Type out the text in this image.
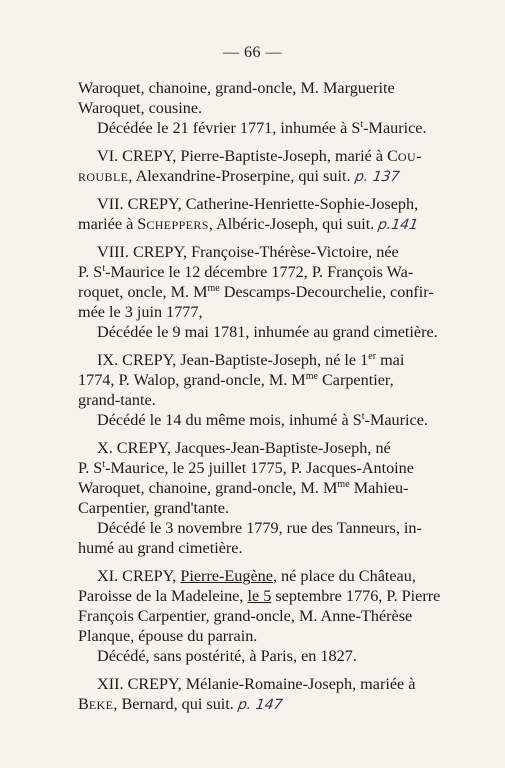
— 66 —
Waroquet, chanoine, grand-oncle, M. Marguerite
Waroquet, cousine.
Décédée le 21 février 1771, inhumée à $S^t$-Maurice.
VI. CREPY, Pierre-Baptiste-Joseph, marié à COU-
ROUBLE, Alexandrine-Proserpine, qui suit. p. 137
VII. CREPY, Catherine-Henriette-Sophie-Joseph,
mariée à SCHEPPERS, Albéric-Joseph, qui suit. p.141
VIII. CREPY, Françoise-Thérèse-Victoire, née
P. $S^t$-Maurice le 12 décembre 1772, P. François Wa-
roquet, oncle, M. $M^{me}$ Descamps-Decourchelie, confir-
mée le 3 juin 1777,
Décédée le 9 mai 1781, inhumée au grand cimetière.
IX. CREPY, Jean-Baptiste-Joseph, né le 1er mai
1774, P. Walop, grand-oncle, M. $M^{me}$ Carpentier,
grand-tante.
Décédé le 14 du même mois, inhumé à $S^t$-Maurice.
X. CREPY, Jacques-Jean-Baptiste-Joseph, né
P. $S^t$-Maurice, le 25 juillet 1775, P. Jacques-Antoine
Waroquet, chanoine, grand-oncle, M. $M^{me}$ Mahieu-
Carpentier, grand'tante.
Décédé le 3 novembre 1779, rue des Tanneurs, in-
humé au grand cimetière.
XI. CREPY, Pierre-Eugène, né place du Château,
Paroisse de la Madeleine, le 5 septembre 1776, P. Pierre
François Carpentier, grand-oncle, M. Anne-Thérèse
Planque, épouse du parrain.
Décédé, sans postérité, à Paris, en 1827.
XII. CREPY, Mélanie-Romaine-Joseph, mariée à
BEKE, Bernard, qui suit. p. 147
